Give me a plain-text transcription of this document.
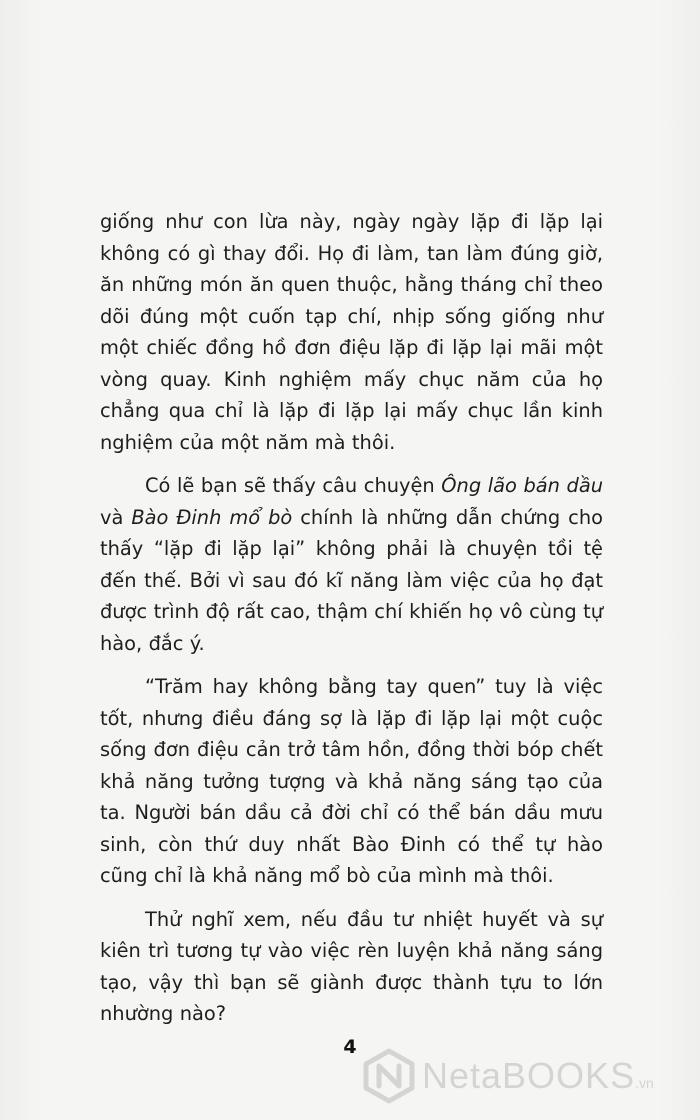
giống như con lừa này, ngày ngày lặp đi lặp lại không có gì thay đổi. Họ đi làm, tan làm đúng giờ, ăn những món ăn quen thuộc, hằng tháng chỉ theo dõi đúng một cuốn tạp chí, nhịp sống giống như một chiếc đồng hồ đơn điệu lặp đi lặp lại mãi một vòng quay. Kinh nghiệm mấy chục năm của họ chẳng qua chỉ là lặp đi lặp lại mấy chục lần kinh nghiệm của một năm mà thôi.

Có lẽ bạn sẽ thấy câu chuyện Ông lão bán dầu và Bào Đinh mổ bò chính là những dẫn chứng cho thấy “lặp đi lặp lại” không phải là chuyện tồi tệ đến thế. Bởi vì sau đó kĩ năng làm việc của họ đạt được trình độ rất cao, thậm chí khiến họ vô cùng tự hào, đắc ý.

“Trăm hay không bằng tay quen” tuy là việc tốt, nhưng điều đáng sợ là lặp đi lặp lại một cuộc sống đơn điệu cản trở tâm hồn, đồng thời bóp chết khả năng tưởng tượng và khả năng sáng tạo của ta. Người bán dầu cả đời chỉ có thể bán dầu mưu sinh, còn thứ duy nhất Bào Đinh có thể tự hào cũng chỉ là khả năng mổ bò của mình mà thôi.

Thử nghĩ xem, nếu đầu tư nhiệt huyết và sự kiên trì tương tự vào việc rèn luyện khả năng sáng tạo, vậy thì bạn sẽ giành được thành tựu to lớn nhường nào?

4
NetaBOOKS.vn
